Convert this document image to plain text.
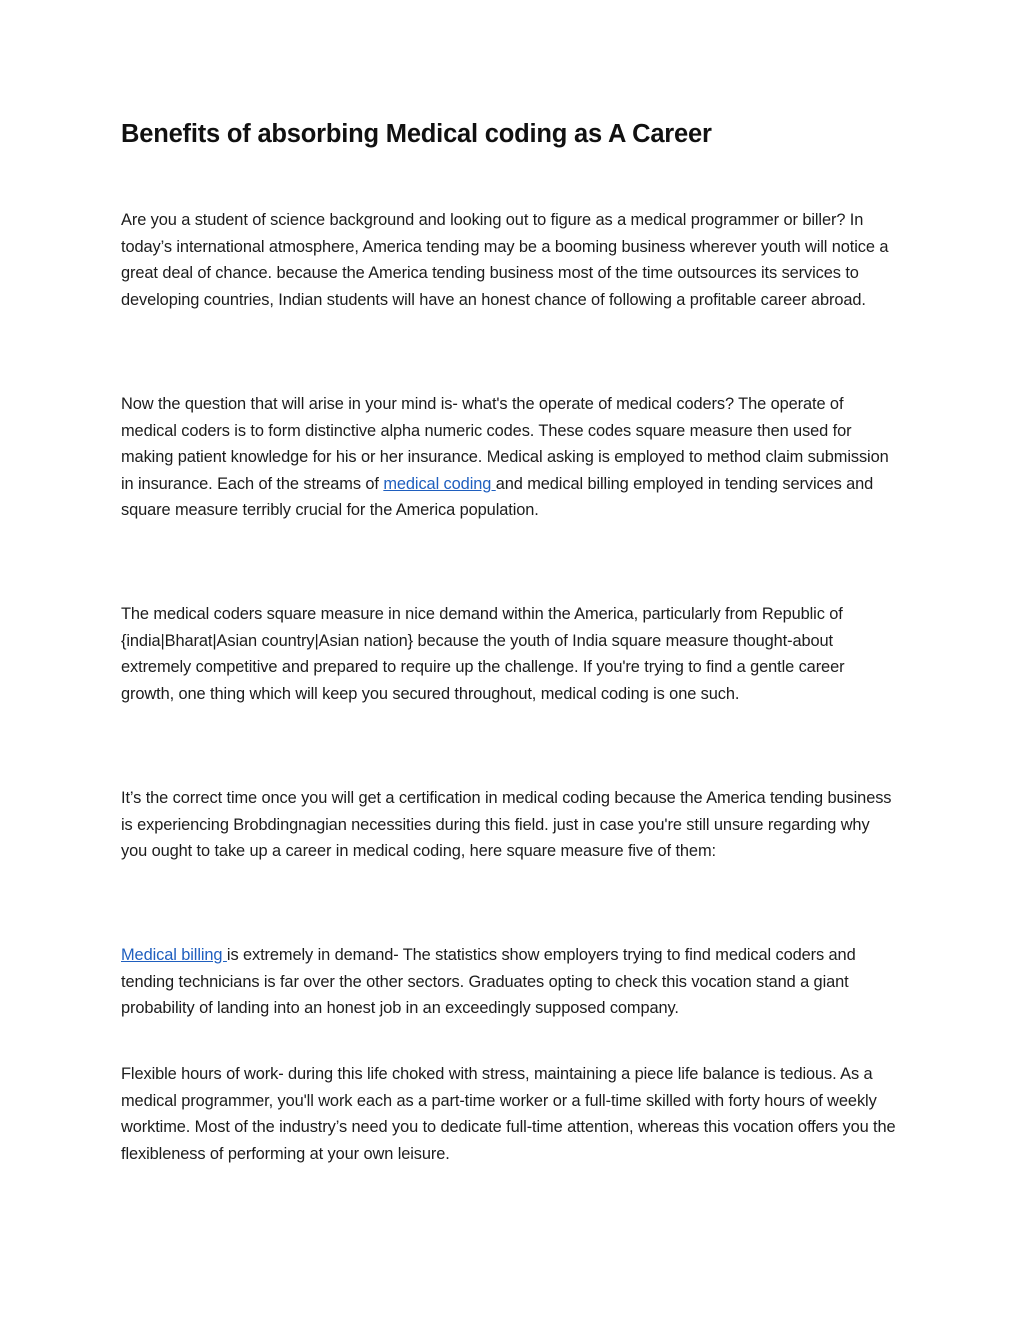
Benefits of absorbing Medical coding as A Career

Are you a student of science background and looking out to figure as a medical programmer or biller? In today’s international atmosphere, America tending may be a booming business wherever youth will notice a great deal of chance. because the America tending business most of the time outsources its services to developing countries, Indian students will have an honest chance of following a profitable career abroad.

Now the question that will arise in your mind is- what's the operate of medical coders? The operate of medical coders is to form distinctive alpha numeric codes. These codes square measure then used for making patient knowledge for his or her insurance. Medical asking is employed to method claim submission in insurance. Each of the streams of medical coding and medical billing employed in tending services and square measure terribly crucial for the America population.

The medical coders square measure in nice demand within the America, particularly from Republic of {india|Bharat|Asian country|Asian nation} because the youth of India square measure thought-about extremely competitive and prepared to require up the challenge. If you're trying to find a gentle career growth, one thing which will keep you secured throughout, medical coding is one such.

It’s the correct time once you will get a certification in medical coding because the America tending business is experiencing Brobdingnagian necessities during this field. just in case you're still unsure regarding why you ought to take up a career in medical coding, here square measure five of them:

Medical billing is extremely in demand- The statistics show employers trying to find medical coders and tending technicians is far over the other sectors. Graduates opting to check this vocation stand a giant probability of landing into an honest job in an exceedingly supposed company.

Flexible hours of work- during this life choked with stress, maintaining a piece life balance is tedious. As a medical programmer, you'll work each as a part-time worker or a full-time skilled with forty hours of weekly worktime. Most of the industry’s need you to dedicate full-time attention, whereas this vocation offers you the flexibleness of performing at your own leisure.
